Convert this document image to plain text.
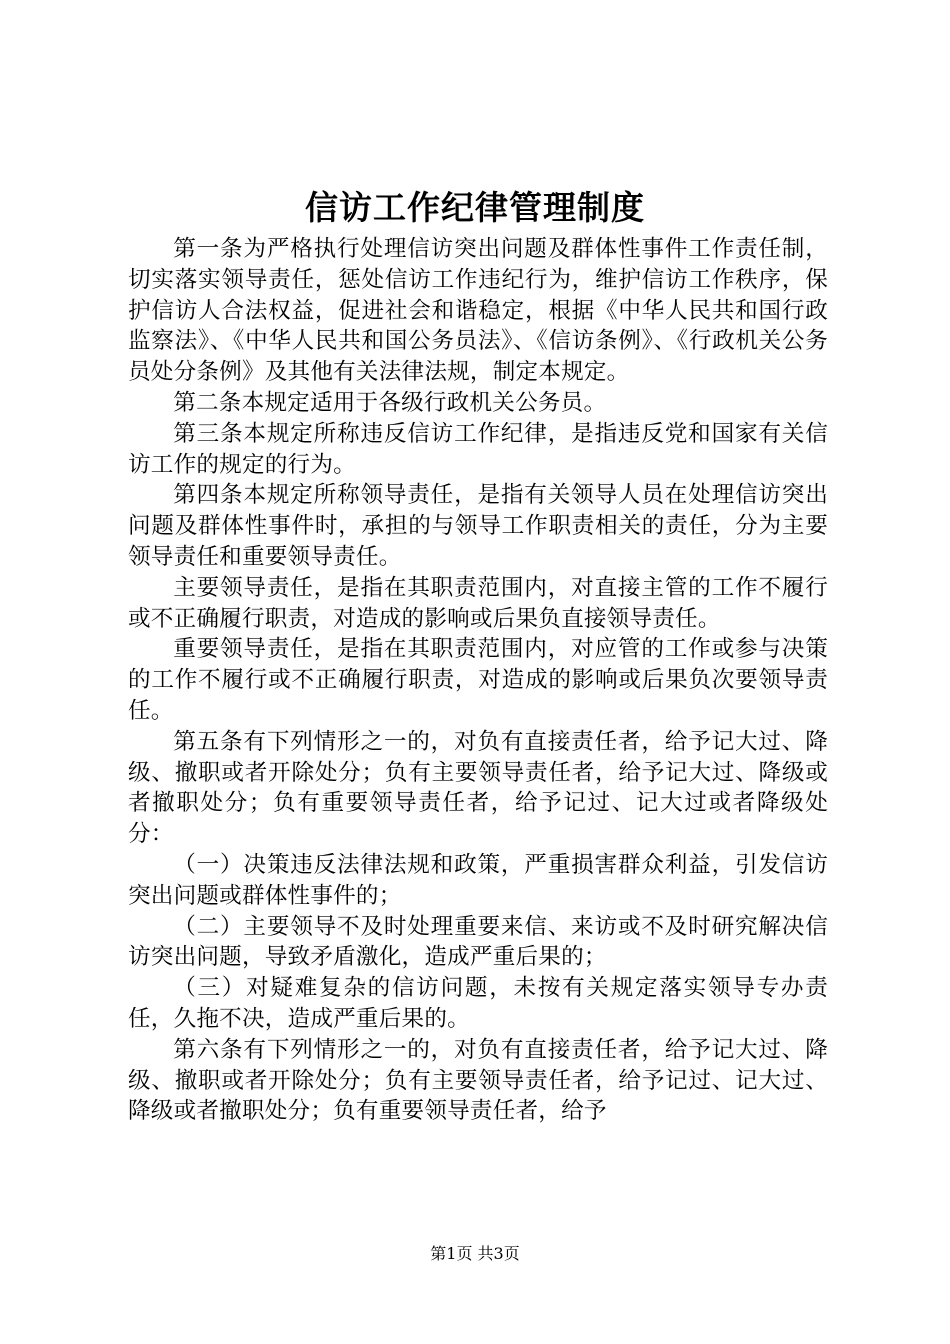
信访工作纪律管理制度

第一条为严格执行处理信访突出问题及群体性事件工作责任制，切实落实领导责任，惩处信访工作违纪行为，维护信访工作秩序，保护信访人合法权益，促进社会和谐稳定，根据《中华人民共和国行政监察法》、《中华人民共和国公务员法》、《信访条例》、《行政机关公务员处分条例》及其他有关法律法规，制定本规定。

第二条本规定适用于各级行政机关公务员。

第三条本规定所称违反信访工作纪律，是指违反党和国家有关信访工作的规定的行为。

第四条本规定所称领导责任，是指有关领导人员在处理信访突出问题及群体性事件时，承担的与领导工作职责相关的责任，分为主要领导责任和重要领导责任。

主要领导责任，是指在其职责范围内，对直接主管的工作不履行或不正确履行职责，对造成的影响或后果负直接领导责任。

重要领导责任，是指在其职责范围内，对应管的工作或参与决策的工作不履行或不正确履行职责，对造成的影响或后果负次要领导责任。

第五条有下列情形之一的，对负有直接责任者，给予记大过、降级、撤职或者开除处分；负有主要领导责任者，给予记大过、降级或者撤职处分；负有重要领导责任者，给予记过、记大过或者降级处分：

（一）决策违反法律法规和政策，严重损害群众利益，引发信访突出问题或群体性事件的；

（二）主要领导不及时处理重要来信、来访或不及时研究解决信访突出问题，导致矛盾激化，造成严重后果的；

（三）对疑难复杂的信访问题，未按有关规定落实领导专办责任，久拖不决，造成严重后果的。

第六条有下列情形之一的，对负有直接责任者，给予记大过、降级、撤职或者开除处分；负有主要领导责任者，给予记过、记大过、降级或者撤职处分；负有重要领导责任者，给予

第1页 共3页
